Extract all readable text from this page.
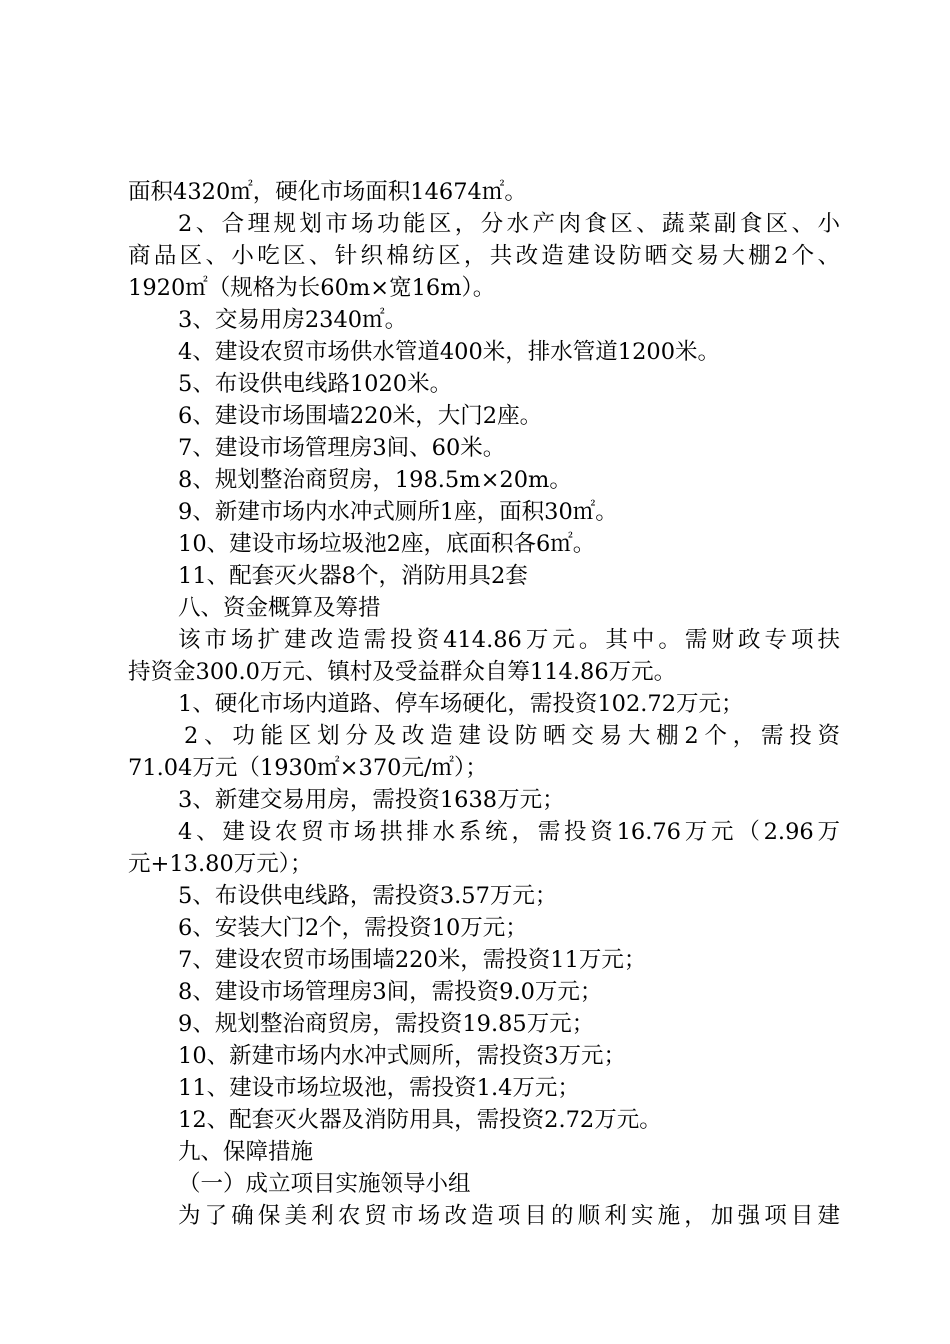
面积4320㎡，硬化市场面积14674㎡。
2、合理规划市场功能区，分水产肉食区、蔬菜副食区、小
商品区、小吃区、针织棉纺区，共改造建设防晒交易大棚2个、
1920㎡（规格为长60m×宽16m）。
3、交易用房2340㎡。
4、建设农贸市场供水管道400米，排水管道1200米。
5、布设供电线路1020米。
6、建设市场围墙220米，大门2座。
7、建设市场管理房3间、60米。
8、规划整治商贸房，198.5m×20m。
9、新建市场内水冲式厕所1座，面积30㎡。
10、建设市场垃圾池2座，底面积各6㎡。
11、配套灭火器8个，消防用具2套
八、资金概算及筹措
该市场扩建改造需投资414.86万元。其中。需财政专项扶
持资金300.0万元、镇村及受益群众自筹114.86万元。
1、硬化市场内道路、停车场硬化，需投资102.72万元；
2、功能区划分及改造建设防晒交易大棚2个，需投资
71.04万元（1930㎡×370元/㎡）；
3、新建交易用房，需投资1638万元；
4、建设农贸市场拱排水系统，需投资16.76万元（2.96万
元+13.80万元）；
5、布设供电线路，需投资3.57万元；
6、安装大门2个，需投资10万元；
7、建设农贸市场围墙220米，需投资11万元；
8、建设市场管理房3间，需投资9.0万元；
9、规划整治商贸房，需投资19.85万元；
10、新建市场内水冲式厕所，需投资3万元；
11、建设市场垃圾池，需投资1.4万元；
12、配套灭火器及消防用具，需投资2.72万元。
九、保障措施
（一）成立项目实施领导小组
为了确保美利农贸市场改造项目的顺利实施，加强项目建
